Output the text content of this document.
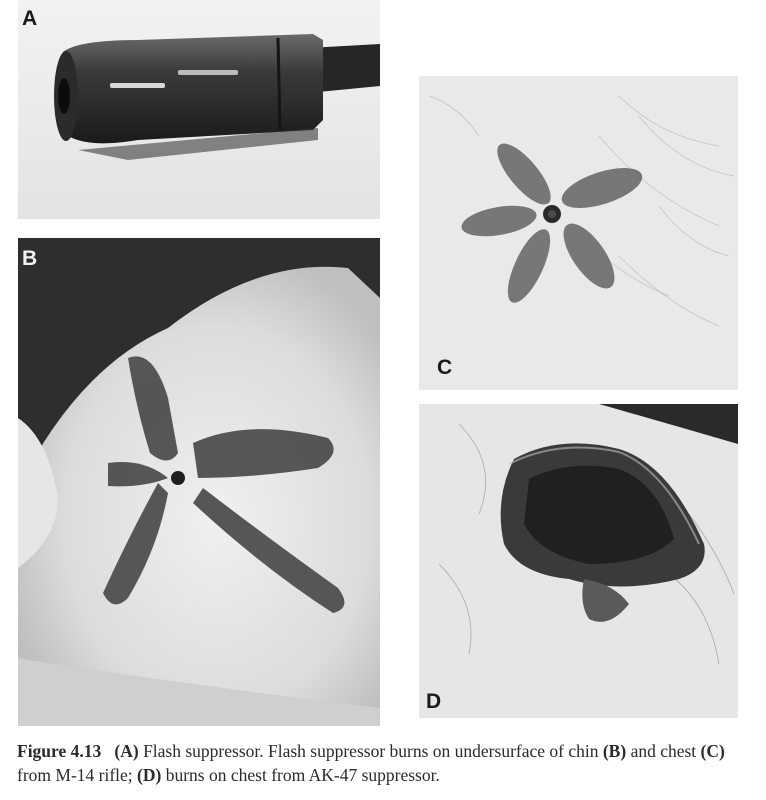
A
B
C
D
Figure 4.13 (A) Flash suppressor. Flash suppressor burns on undersurface of chin (B) and chest (C) from M-14 rifle; (D) burns on chest from AK-47 suppressor.
